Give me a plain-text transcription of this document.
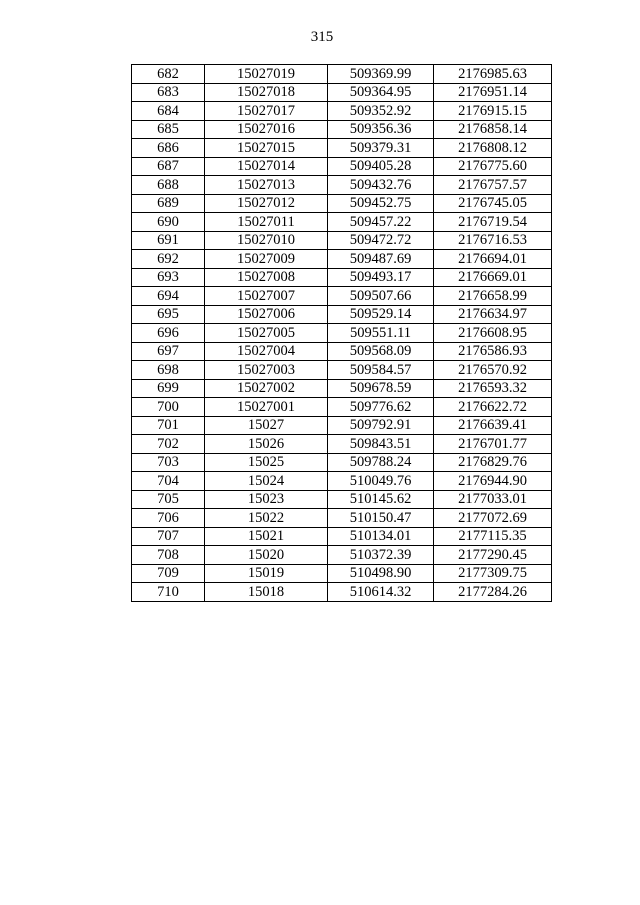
315
682	15027019	509369.99	2176985.63
683	15027018	509364.95	2176951.14
684	15027017	509352.92	2176915.15
685	15027016	509356.36	2176858.14
686	15027015	509379.31	2176808.12
687	15027014	509405.28	2176775.60
688	15027013	509432.76	2176757.57
689	15027012	509452.75	2176745.05
690	15027011	509457.22	2176719.54
691	15027010	509472.72	2176716.53
692	15027009	509487.69	2176694.01
693	15027008	509493.17	2176669.01
694	15027007	509507.66	2176658.99
695	15027006	509529.14	2176634.97
696	15027005	509551.11	2176608.95
697	15027004	509568.09	2176586.93
698	15027003	509584.57	2176570.92
699	15027002	509678.59	2176593.32
700	15027001	509776.62	2176622.72
701	15027	509792.91	2176639.41
702	15026	509843.51	2176701.77
703	15025	509788.24	2176829.76
704	15024	510049.76	2176944.90
705	15023	510145.62	2177033.01
706	15022	510150.47	2177072.69
707	15021	510134.01	2177115.35
708	15020	510372.39	2177290.45
709	15019	510498.90	2177309.75
710	15018	510614.32	2177284.26
